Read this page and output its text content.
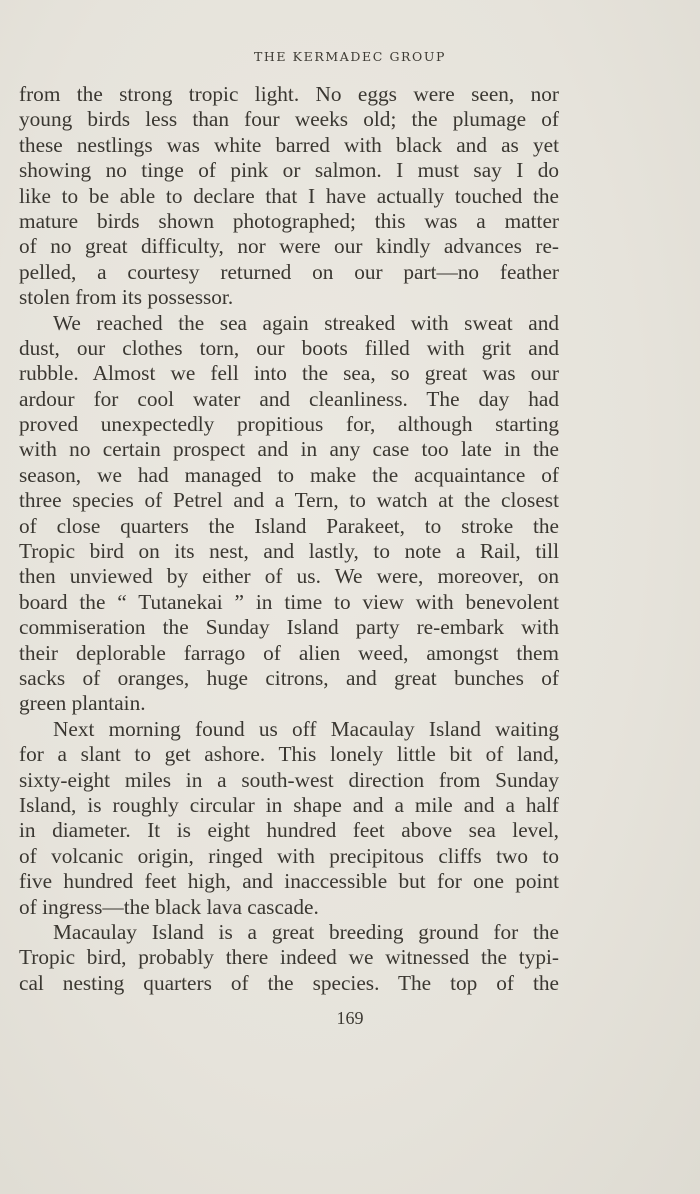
THE KERMADEC GROUP
from the strong tropic light. No eggs were seen, nor
young birds less than four weeks old; the plumage of
these nestlings was white barred with black and as yet
showing no tinge of pink or salmon. I must say I do
like to be able to declare that I have actually touched the
mature birds shown photographed; this was a matter
of no great difficulty, nor were our kindly advances re-
pelled, a courtesy returned on our part—no feather
stolen from its possessor.
We reached the sea again streaked with sweat and
dust, our clothes torn, our boots filled with grit and
rubble. Almost we fell into the sea, so great was our
ardour for cool water and cleanliness. The day had
proved unexpectedly propitious for, although starting
with no certain prospect and in any case too late in the
season, we had managed to make the acquaintance of
three species of Petrel and a Tern, to watch at the closest
of close quarters the Island Parakeet, to stroke the
Tropic bird on its nest, and lastly, to note a Rail, till
then unviewed by either of us. We were, moreover, on
board the “ Tutanekai ” in time to view with benevolent
commiseration the Sunday Island party re-embark with
their deplorable farrago of alien weed, amongst them
sacks of oranges, huge citrons, and great bunches of
green plantain.
Next morning found us off Macaulay Island waiting
for a slant to get ashore. This lonely little bit of land,
sixty-eight miles in a south-west direction from Sunday
Island, is roughly circular in shape and a mile and a half
in diameter. It is eight hundred feet above sea level,
of volcanic origin, ringed with precipitous cliffs two to
five hundred feet high, and inaccessible but for one point
of ingress—the black lava cascade.
Macaulay Island is a great breeding ground for the
Tropic bird, probably there indeed we witnessed the typi-
cal nesting quarters of the species. The top of the
169
